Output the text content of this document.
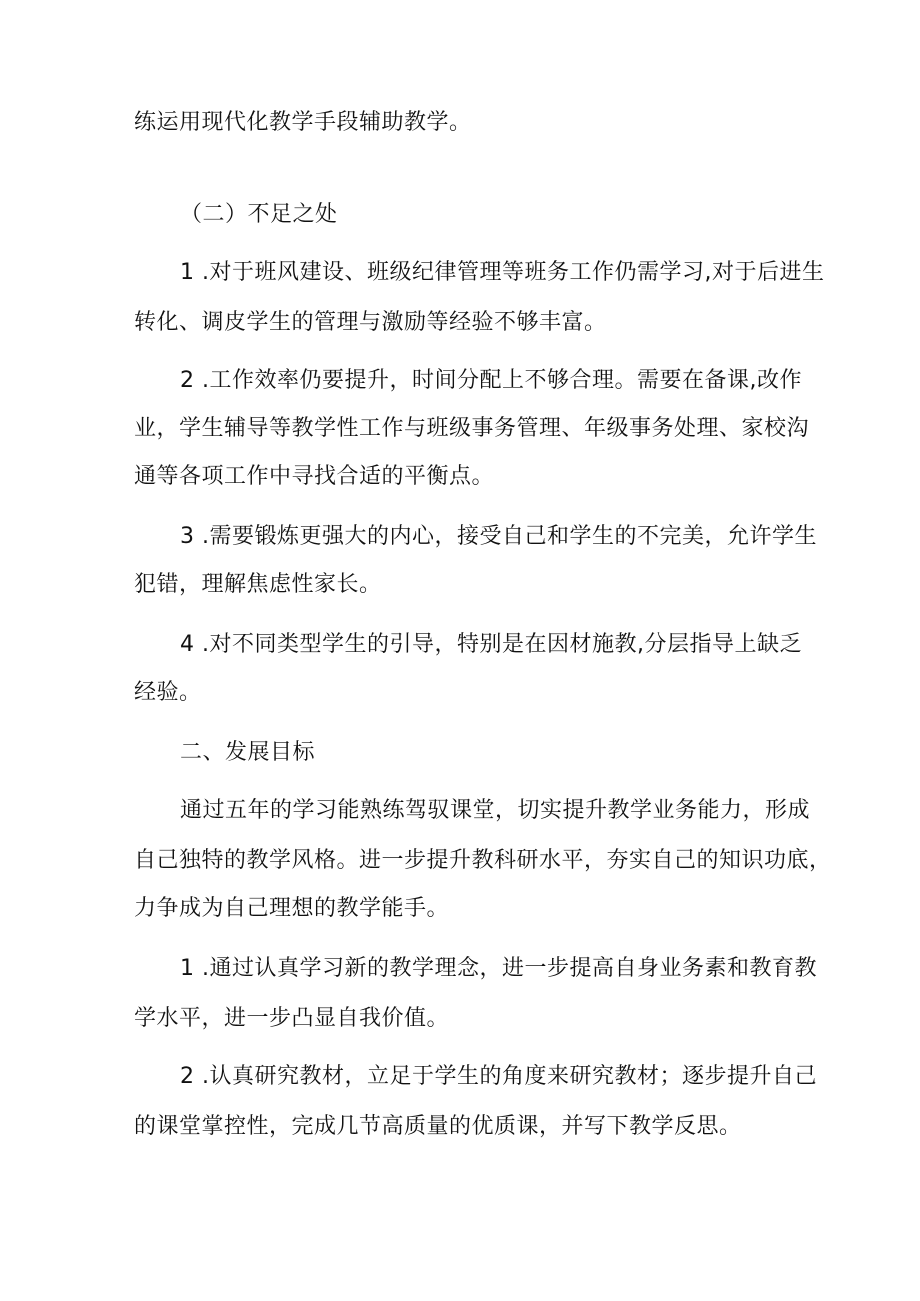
练运用现代化教学手段辅助教学。
（二）不足之处
1 .对于班风建设、班级纪律管理等班务工作仍需学习,对于后进生
转化、调皮学生的管理与激励等经验不够丰富。
2 .工作效率仍要提升，时间分配上不够合理。需要在备课,改作
业，学生辅导等教学性工作与班级事务管理、年级事务处理、家校沟
通等各项工作中寻找合适的平衡点。
3 .需要锻炼更强大的内心，接受自己和学生的不完美，允许学生
犯错，理解焦虑性家长。
4 .对不同类型学生的引导，特别是在因材施教,分层指导上缺乏
经验。
二、发展目标
通过五年的学习能熟练驾驭课堂，切实提升教学业务能力，形成
自己独特的教学风格。进一步提升教科研水平，夯实自己的知识功底，
力争成为自己理想的教学能手。
1 .通过认真学习新的教学理念，进一步提高自身业务素和教育教
学水平，进一步凸显自我价值。
2 .认真研究教材，立足于学生的角度来研究教材；逐步提升自己
的课堂掌控性，完成几节高质量的优质课，并写下教学反思。
